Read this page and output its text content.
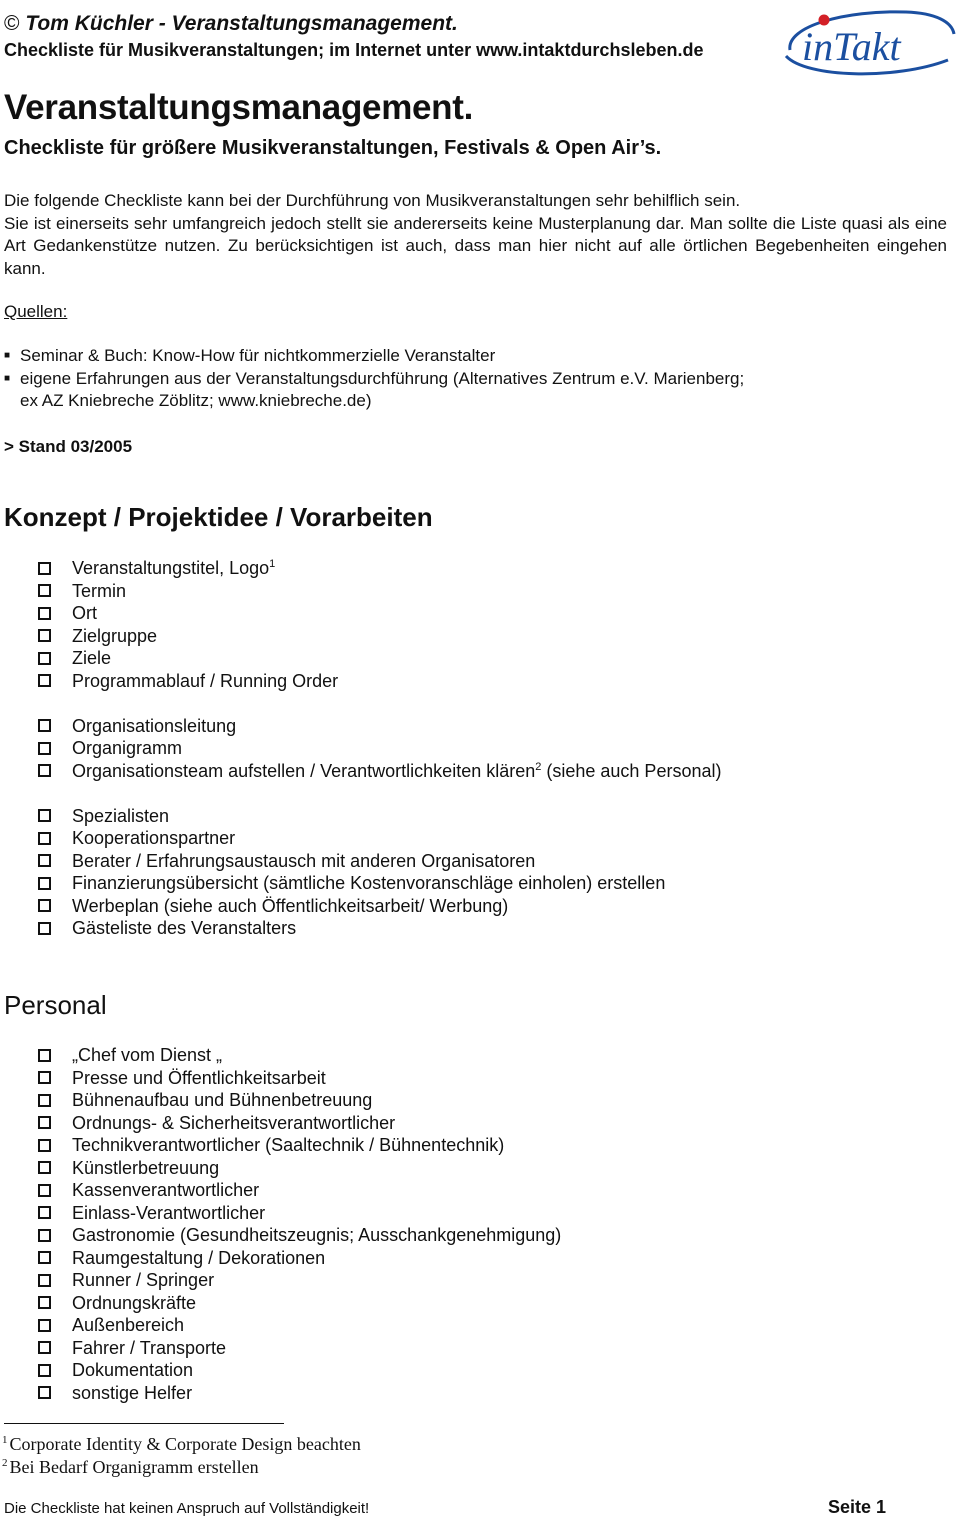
© Tom Küchler - Veranstaltungsmanagement.
Checkliste für Musikveranstaltungen; im Internet unter www.intaktdurchsleben.de inTakt
Veranstaltungsmanagement.
Checkliste für größere Musikveranstaltungen, Festivals & Open Air’s.

Die folgende Checkliste kann bei der Durchführung von Musikveranstaltungen sehr behilflich sein.

Sie ist einerseits sehr umfangreich jedoch stellt sie andererseits keine Musterplanung dar. Man sollte die Liste quasi als eine Art Gedankenstütze nutzen. Zu berücksichtigen ist auch, dass man hier nicht auf alle örtlichen Begebenheiten eingehen kann.

Quellen:
■ Seminar & Buch: Know-How für nichtkommerzielle Veranstalter
■ eigene Erfahrungen aus der Veranstaltungsdurchführung (Alternatives Zentrum e.V. Marienberg;
ex AZ Kniebreche Zöblitz; www.kniebreche.de)
> Stand 03/2005
Konzept / Projektidee / Vorarbeiten
Veranstaltungstitel, Logo$^1$
Termin
Ort
Zielgruppe
Ziele
Programmablauf / Running Order
Organisationsleitung
Organigramm
Organisationsteam aufstellen / Verantwortlichkeiten klären$^2$ (siehe auch Personal)
Spezialisten
Kooperationspartner
Berater / Erfahrungsaustausch mit anderen Organisatoren
Finanzierungsübersicht (sämtliche Kostenvoranschläge einholen) erstellen
Werbeplan (siehe auch Öffentlichkeitsarbeit/ Werbung)
Gästeliste des Veranstalters
Personal
„Chef vom Dienst „
Presse und Öffentlichkeitsarbeit
Bühnenaufbau und Bühnenbetreuung
Ordnungs- & Sicherheitsverantwortlicher
Technikverantwortlicher (Saaltechnik / Bühnentechnik)
Künstlerbetreuung
Kassenverantwortlicher
Einlass-Verantwortlicher
Gastronomie (Gesundheitszeugnis; Ausschankgenehmigung)
Raumgestaltung / Dekorationen
Runner / Springer
Ordnungskräfte
Außenbereich
Fahrer / Transporte
Dokumentation
sonstige Helfer
$^1$ Corporate Identity & Corporate Design beachten
$^2$ Bei Bedarf Organigramm erstellen
Die Checkliste hat keinen Anspruch auf Vollständigkeit!	Seite 1
